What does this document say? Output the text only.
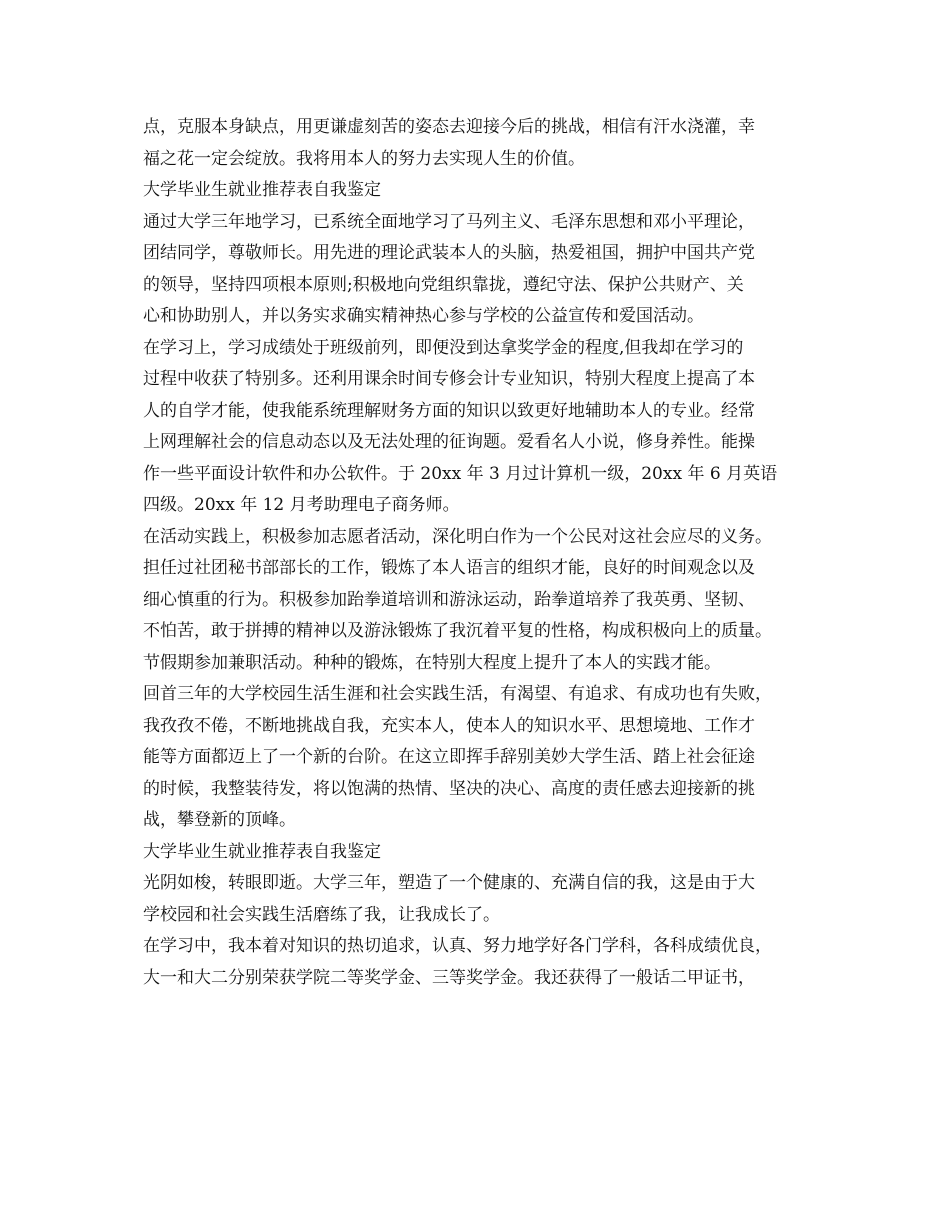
点，克服本身缺点，用更谦虚刻苦的姿态去迎接今后的挑战，相信有汗水浇灌，幸
福之花一定会绽放。我将用本人的努力去实现人生的价值。
大学毕业生就业推荐表自我鉴定
通过大学三年地学习，已系统全面地学习了马列主义、毛泽东思想和邓小平理论，
团结同学，尊敬师长。用先进的理论武装本人的头脑，热爱祖国，拥护中国共产党
的领导，坚持四项根本原则;积极地向党组织靠拢，遵纪守法、保护公共财产、关
心和协助别人，并以务实求确实精神热心参与学校的公益宣传和爱国活动。
在学习上，学习成绩处于班级前列，即便没到达拿奖学金的程度,但我却在学习的
过程中收获了特别多。还利用课余时间专修会计专业知识，特别大程度上提高了本
人的自学才能，使我能系统理解财务方面的知识以致更好地辅助本人的专业。经常
上网理解社会的信息动态以及无法处理的征询题。爱看名人小说，修身养性。能操
作一些平面设计软件和办公软件。于 20xx 年 3 月过计算机一级，20xx 年 6 月英语
四级。20xx 年 12 月考助理电子商务师。
在活动实践上，积极参加志愿者活动，深化明白作为一个公民对这社会应尽的义务。
担任过社团秘书部部长的工作，锻炼了本人语言的组织才能，良好的时间观念以及
细心慎重的行为。积极参加跆拳道培训和游泳运动，跆拳道培养了我英勇、坚韧、
不怕苦，敢于拼搏的精神以及游泳锻炼了我沉着平复的性格，构成积极向上的质量。
节假期参加兼职活动。种种的锻炼，在特别大程度上提升了本人的实践才能。
回首三年的大学校园生活生涯和社会实践生活，有渴望、有追求、有成功也有失败，
我孜孜不倦，不断地挑战自我，充实本人，使本人的知识水平、思想境地、工作才
能等方面都迈上了一个新的台阶。在这立即挥手辞别美妙大学生活、踏上社会征途
的时候，我整装待发，将以饱满的热情、坚决的决心、高度的责任感去迎接新的挑
战，攀登新的顶峰。
大学毕业生就业推荐表自我鉴定
光阴如梭，转眼即逝。大学三年，塑造了一个健康的、充满自信的我，这是由于大
学校园和社会实践生活磨练了我，让我成长了。
在学习中，我本着对知识的热切追求，认真、努力地学好各门学科，各科成绩优良，
大一和大二分别荣获学院二等奖学金、三等奖学金。我还获得了一般话二甲证书，
